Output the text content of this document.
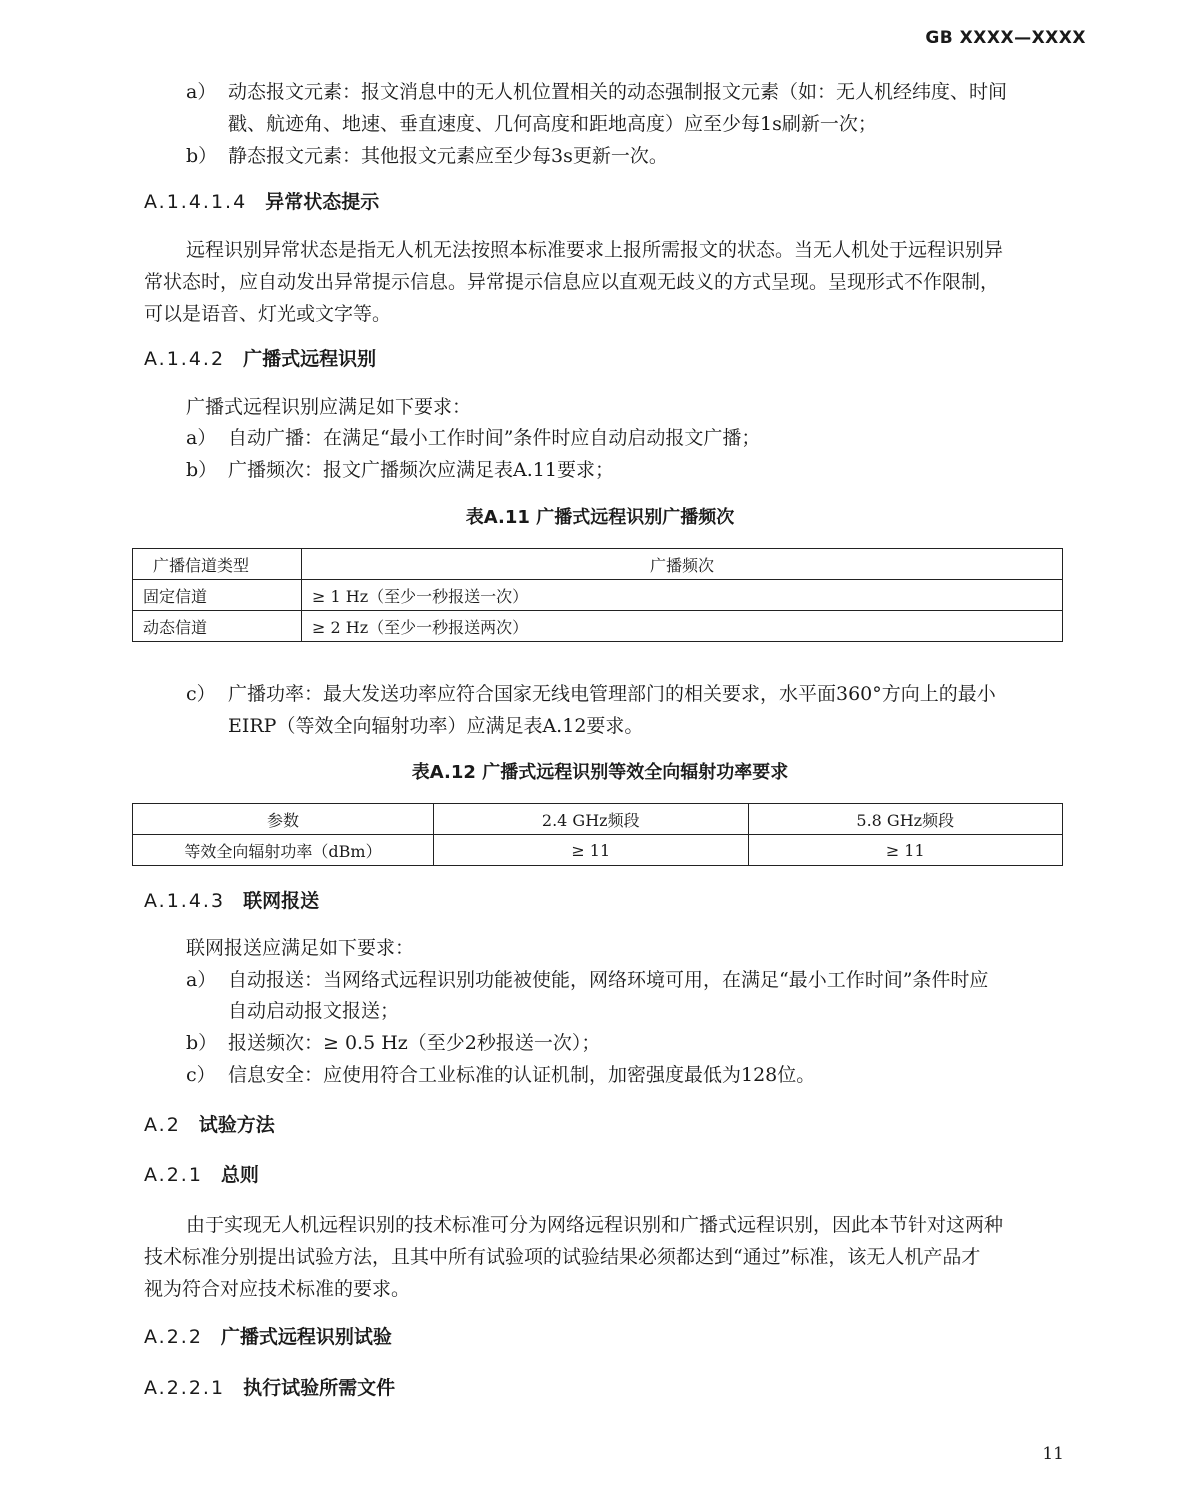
GB XXXX—XXXX
a） 动态报文元素：报文消息中的无人机位置相关的动态强制报文元素（如：无人机经纬度、时间
戳、航迹角、地速、垂直速度、几何高度和距地高度）应至少每1s刷新一次；
b） 静态报文元素：其他报文元素应至少每3s更新一次。
A.1.4.1.4 异常状态提示
远程识别异常状态是指无人机无法按照本标准要求上报所需报文的状态。当无人机处于远程识别异
常状态时，应自动发出异常提示信息。异常提示信息应以直观无歧义的方式呈现。呈现形式不作限制，
可以是语音、灯光或文字等。
A.1.4.2 广播式远程识别
广播式远程识别应满足如下要求：
a） 自动广播：在满足“最小工作时间”条件时应自动启动报文广播；
b） 广播频次：报文广播频次应满足表A.11要求；
表A.11 广播式远程识别广播频次
广播信道类型	广播频次
固定信道	≥ 1 Hz（至少一秒报送一次）
动态信道	≥ 2 Hz（至少一秒报送两次）
c） 广播功率：最大发送功率应符合国家无线电管理部门的相关要求，水平面360°方向上的最小
EIRP（等效全向辐射功率）应满足表A.12要求。
表A.12 广播式远程识别等效全向辐射功率要求
参数	2.4 GHz频段	5.8 GHz频段
等效全向辐射功率（dBm）	≥ 11	≥ 11
A.1.4.3 联网报送
联网报送应满足如下要求：
a） 自动报送：当网络式远程识别功能被使能，网络环境可用，在满足“最小工作时间”条件时应
自动启动报文报送；
b） 报送频次：≥ 0.5 Hz（至少2秒报送一次）；
c） 信息安全：应使用符合工业标准的认证机制，加密强度最低为128位。
A.2 试验方法
A.2.1 总则
由于实现无人机远程识别的技术标准可分为网络远程识别和广播式远程识别，因此本节针对这两种
技术标准分别提出试验方法，且其中所有试验项的试验结果必须都达到“通过”标准，该无人机产品才
视为符合对应技术标准的要求。
A.2.2 广播式远程识别试验
A.2.2.1 执行试验所需文件
11
